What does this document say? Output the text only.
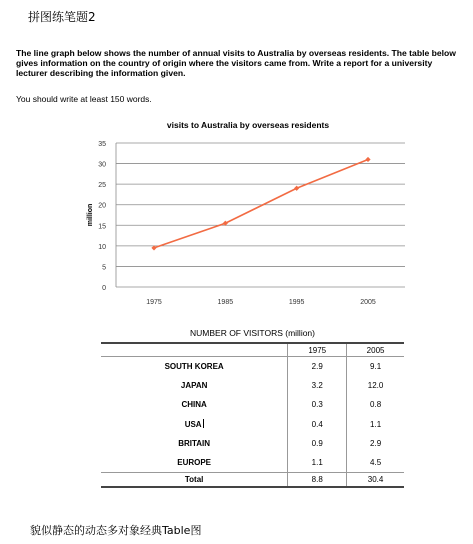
拼图练笔题2
The line graph below shows the number of annual visits to Australia by overseas residents. The table below gives information on the country of origin where the visitors came from. Write a report for a university lecturer describing the information given.
You should write at least 150 words.
visits to Australia by overseas residents
0
5
10
15
20
25
30
35
1975	1985	1995	2005
million
NUMBER OF VISITORS (million)
	1975	2005
SOUTH KOREA	2.9	9.1
JAPAN	3.2	12.0
CHINA	0.3	0.8
USA	0.4	1.1
BRITAIN	0.9	2.9
EUROPE	1.1	4.5
Total	8.8	30.4
貌似静态的动态多对象经典Table图
